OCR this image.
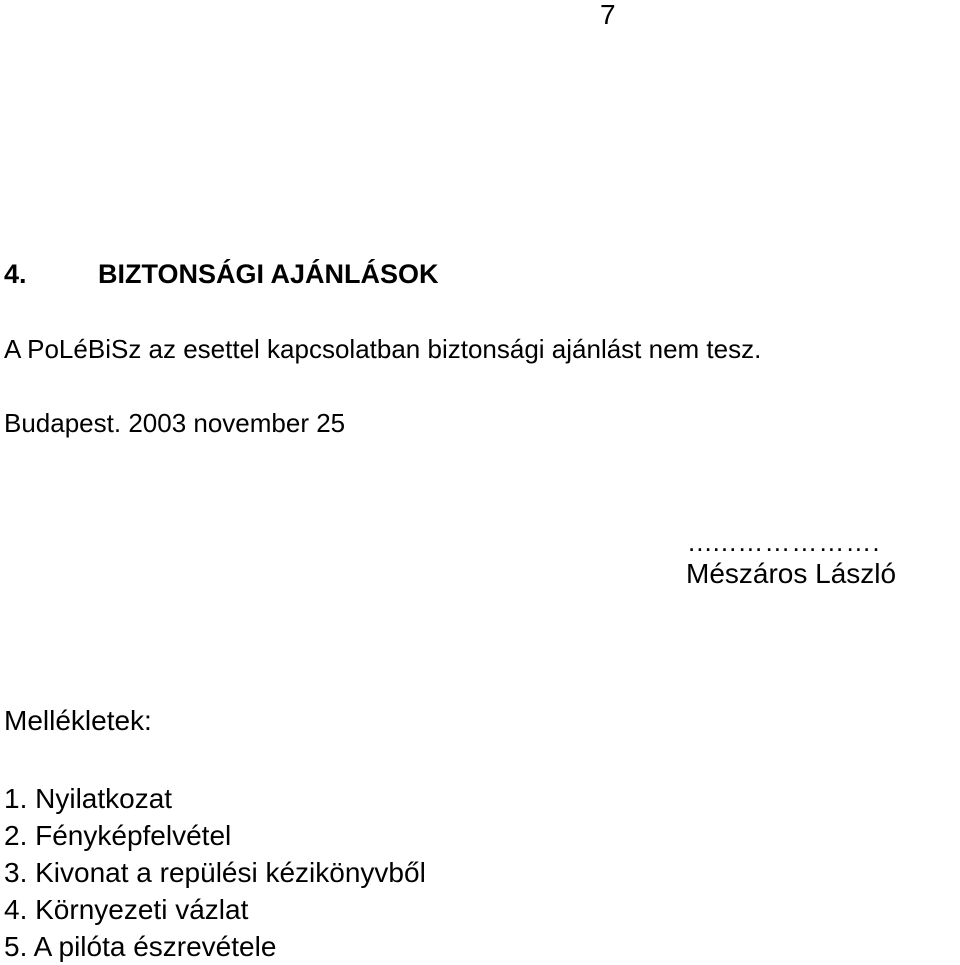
7
4.	BIZTONSÁGI AJÁNLÁSOK
A PoLéBiSz az esettel kapcsolatban biztonsági ajánlást nem tesz.
Budapest. 2003 november 25
......…………….
Mészáros László
Mellékletek:
1. Nyilatkozat
2. Fényképfelvétel
3. Kivonat a repülési kézikönyvből
4. Környezeti vázlat
5. A pilóta észrevétele
